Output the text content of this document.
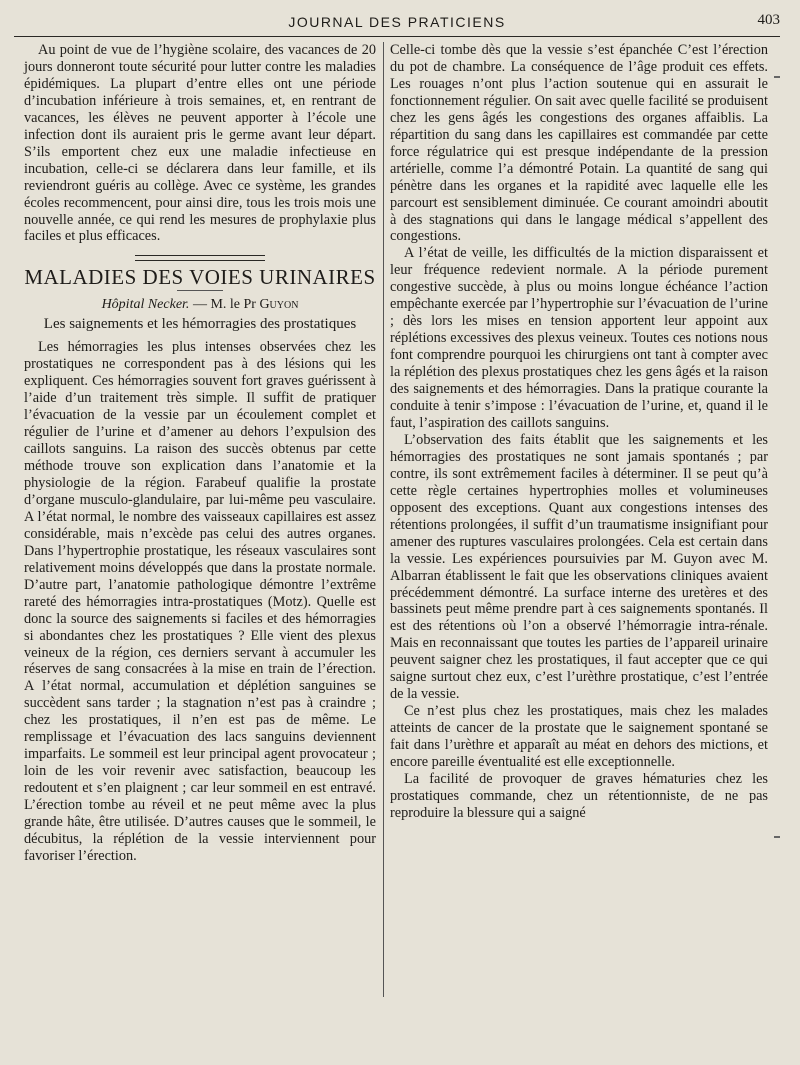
JOURNAL DES PRATICIENS	403

Au point de vue de l’hygiène scolaire, des vacances de 20 jours donneront toute sécurité pour lutter contre les maladies épidémiques. La plupart d’entre elles ont une période d’incubation inférieure à trois semaines, et, en rentrant de vacances, les élèves ne peuvent apporter à l’école une infection dont ils auraient pris le germe avant leur départ. S’ils emportent chez eux une maladie infectieuse en incubation, celle-ci se déclarera dans leur famille, et ils reviendront guéris au collège. Avec ce système, les grandes écoles recommencent, pour ainsi dire, tous les trois mois une nouvelle année, ce qui rend les mesures de prophylaxie plus faciles et plus efficaces.

MALADIES DES VOIES URINAIRES
Hôpital Necker. — M. le Pr Guyon
Les saignements et les hémorragies des prostatiques

Les hémorragies les plus intenses observées chez les prostatiques ne correspondent pas à des lésions qui les expliquent. Ces hémorragies souvent fort graves guérissent à l’aide d’un traitement très simple. Il suffit de pratiquer l’évacuation de la vessie par un écoulement complet et régulier de l’urine et d’amener au dehors l’expulsion des caillots sanguins. La raison des succès obtenus par cette méthode trouve son explication dans l’anatomie et la physiologie de la région. Farabeuf qualifie la prostate d’organe musculo-glandulaire, par lui-même peu vasculaire. A l’état normal, le nombre des vaisseaux capillaires est assez considérable, mais n’excède pas celui des autres organes. Dans l’hypertrophie prostatique, les réseaux vasculaires sont relativement moins développés que dans la prostate normale. D’autre part, l’anatomie pathologique démontre l’extrême rareté des hémorragies intra-prostatiques (Motz). Quelle est donc la source des saignements si faciles et des hémorragies si abondantes chez les prostatiques ? Elle vient des plexus veineux de la région, ces derniers servant à accumuler les réserves de sang consacrées à la mise en train de l’érection. A l’état normal, accumulation et déplétion sanguines se succèdent sans tarder ; la stagnation n’est pas à craindre ; chez les prostatiques, il n’en est pas de même. Le remplissage et l’évacuation des lacs sanguins deviennent imparfaits. Le sommeil est leur principal agent provocateur ; loin de les voir revenir avec satisfaction, beaucoup les redoutent et s’en plaignent ; car leur sommeil en est entravé. L’érection tombe au réveil et ne peut même avec la plus grande hâte, être utilisée. D’autres causes que le sommeil, le décubitus, la réplétion de la vessie interviennent pour favoriser l’érection.

Celle-ci tombe dès que la vessie s’est épanchée C’est l’érection du pot de chambre. La conséquence de l’âge produit ces effets. Les rouages n’ont plus l’action soutenue qui en assurait le fonctionnement régulier. On sait avec quelle facilité se produisent chez les gens âgés les congestions des organes affaiblis. La répartition du sang dans les capillaires est commandée par cette force régulatrice qui est presque indépendante de la pression artérielle, comme l’a démontré Potain. La quantité de sang qui pénètre dans les organes et la rapidité avec laquelle elle les parcourt est sensiblement diminuée. Ce courant amoindri aboutit à des stagnations qui dans le langage médical s’appellent des congestions.

A l’état de veille, les difficultés de la miction disparaissent et leur fréquence redevient normale. A la période purement congestive succède, à plus ou moins longue échéance l’action empêchante exercée par l’hypertrophie sur l’évacuation de l’urine ; dès lors les mises en tension apportent leur appoint aux réplétions excessives des plexus veineux. Toutes ces notions nous font comprendre pourquoi les chirurgiens ont tant à compter avec la réplétion des plexus prostatiques chez les gens âgés et la raison des saignements et des hémorragies. Dans la pratique courante la conduite à tenir s’impose : l’évacuation de l’urine, et, quand il le faut, l’aspiration des caillots sanguins.

L’observation des faits établit que les saignements et les hémorragies des prostatiques ne sont jamais spontanés ; par contre, ils sont extrêmement faciles à déterminer. Il se peut qu’à cette règle certaines hypertrophies molles et volumineuses opposent des exceptions. Quant aux congestions intenses des rétentions prolongées, il suffit d’un traumatisme insignifiant pour amener des ruptures vasculaires prolongées. Cela est certain dans la vessie. Les expériences poursuivies par M. Guyon avec M. Albarran établissent le fait que les observations cliniques avaient précédemment démontré. La surface interne des uretères et des bassinets peut même prendre part à ces saignements spontanés. Il est des rétentions où l’on a observé l’hémorragie intra-rénale. Mais en reconnaissant que toutes les parties de l’appareil urinaire peuvent saigner chez les prostatiques, il faut accepter que ce qui saigne surtout chez eux, c’est l’urèthre prostatique, c’est l’entrée de la vessie.

Ce n’est plus chez les prostatiques, mais chez les malades atteints de cancer de la prostate que le saignement spontané se fait dans l’urèthre et apparaît au méat en dehors des mictions, et encore pareille éventualité est elle exceptionnelle.

La facilité de provoquer de graves hématuries chez les prostatiques commande, chez un rétentionniste, de ne pas reproduire la blessure qui a saigné
